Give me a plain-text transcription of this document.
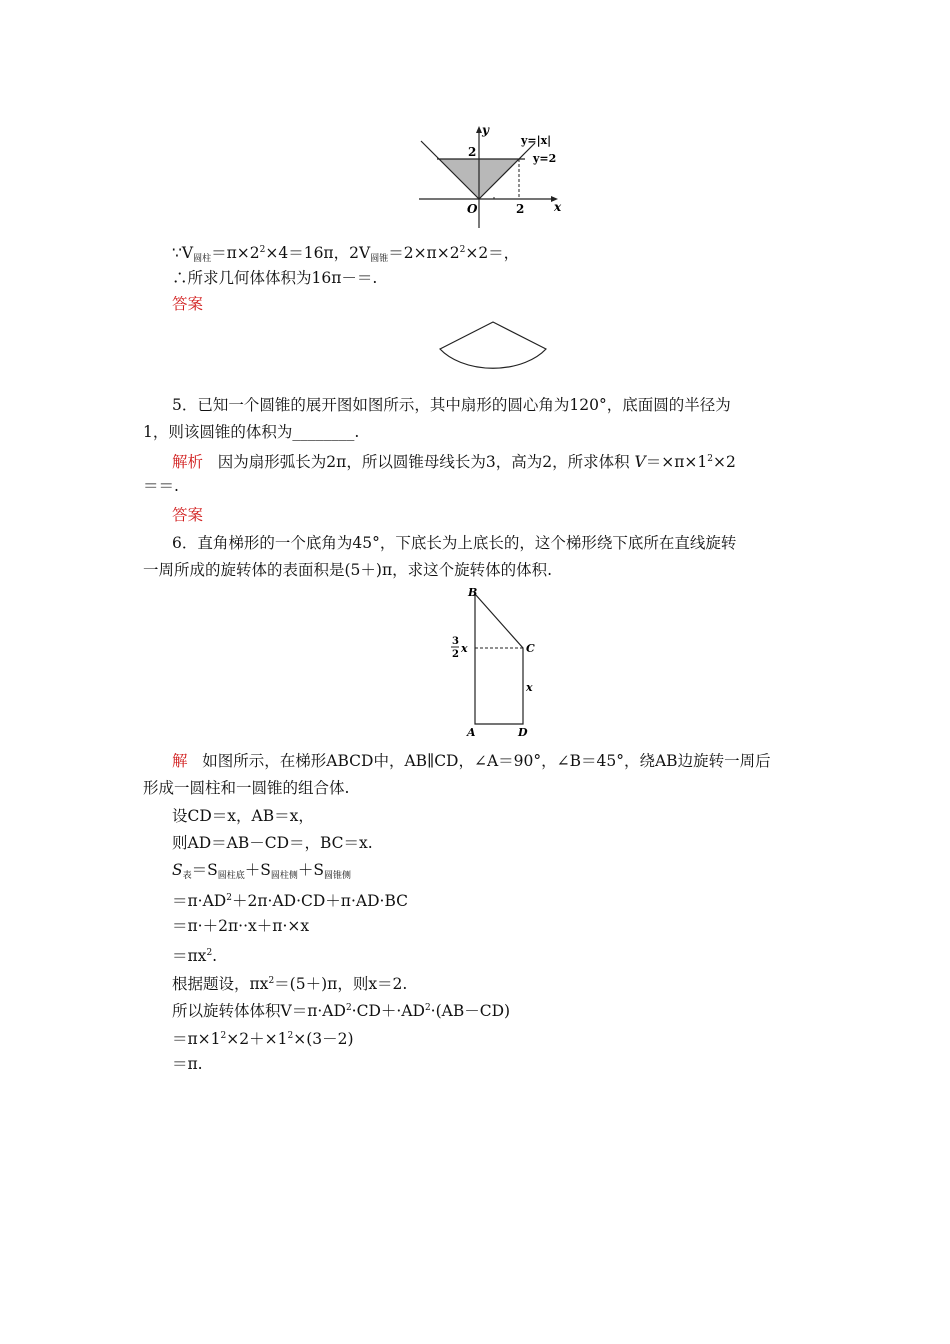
y
x
O
2
2
y=|x|
y=2
$\because V_{圆柱}=\pi\times 2^2\times 4=16\pi$，$2V_{圆锥}=2\times\pi\times 2^2\times 2=$，
∴所求几何体体积为16π－＝.
答案
5．已知一个圆锥的展开图如图所示，其中扇形的圆心角为120°，底面圆的半径为
1，则该圆锥的体积为________.
解析 因为扇形弧长为2π，所以圆锥母线长为3，高为2，所求体积 $V=\times\pi\times 1^2\times 2$
＝＝.
答案
6．直角梯形的一个底角为45°，下底长为上底长的，这个梯形绕下底所在直线旋转
一周所成的旋转体的表面积是(5＋)π，求这个旋转体的体积.
B
C
A	D
3
2 x
x
解 如图所示，在梯形ABCD中，AB∥CD，∠A＝90°，∠B＝45°，绕AB边旋转一周后
形成一圆柱和一圆锥的组合体.
设CD＝x，AB＝x，
则AD＝AB－CD＝，BC＝x.
$S_表=S_{圆柱底}+S_{圆柱侧}+S_{圆锥侧}$
$=\pi\cdot AD^2+2\pi\cdot AD\cdot CD+\pi\cdot AD\cdot BC$
＝π·＋2π··x＋π·×x
$=\pi x^2$.
根据题设，$\pi x^2=(5+)\pi$，则x＝2.
所以旋转体体积$V=\pi\cdot AD^2\cdot CD+\cdot AD^2\cdot(AB-CD)$
$=\pi\times 1^2\times 2+\times 1^2\times(3-2)$
＝π.
